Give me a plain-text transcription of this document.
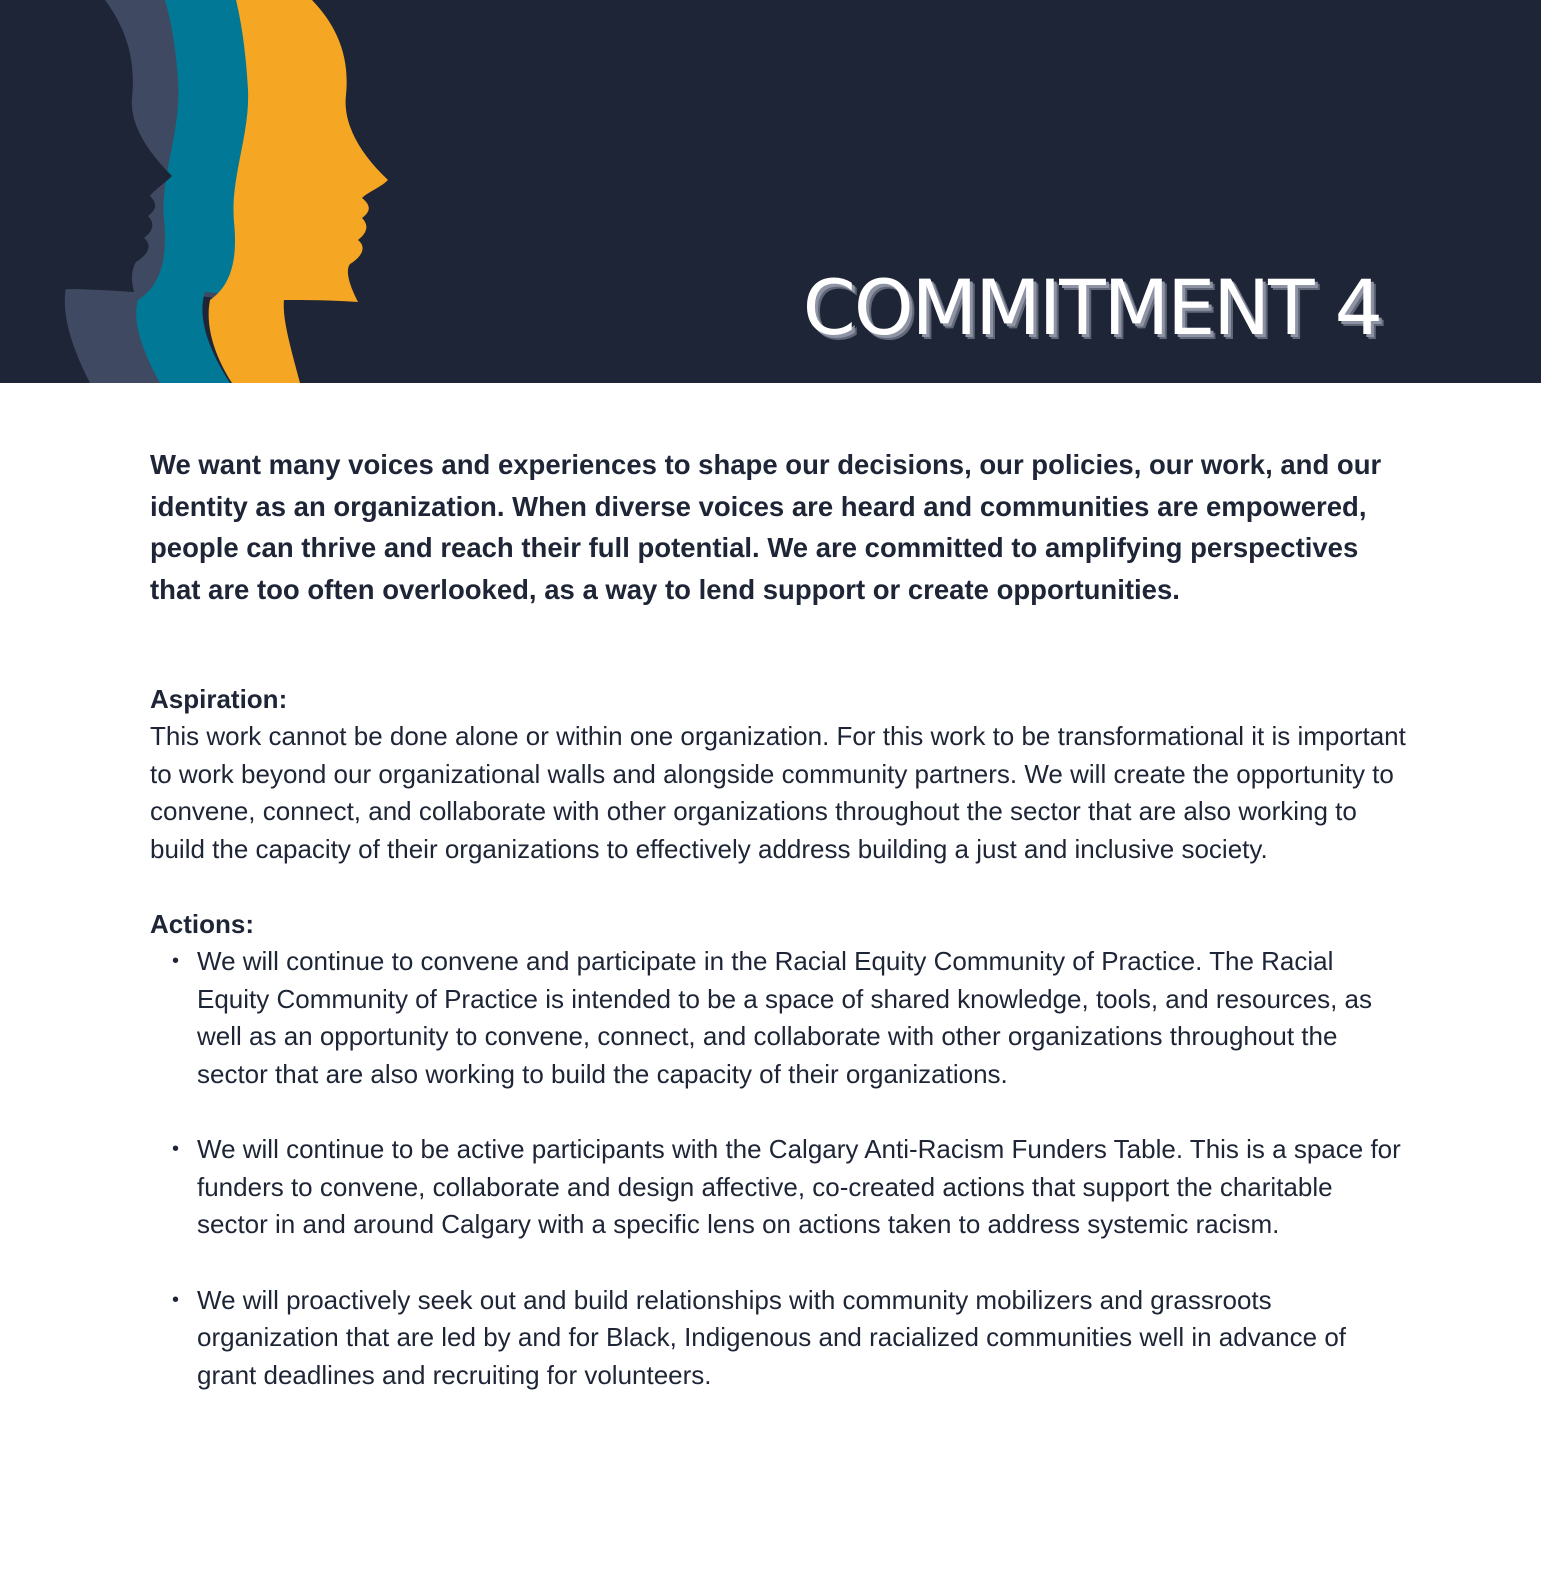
COMMITMENT 4

We want many voices and experiences to shape our decisions, our policies, our work, and our identity as an organization. When diverse voices are heard and communities are empowered, people can thrive and reach their full potential. We are committed to amplifying perspectives that are too often overlooked, as a way to lend support or create opportunities.

Aspiration:

This work cannot be done alone or within one organization. For this work to be transformational it is important to work beyond our organizational walls and alongside community partners. We will create the opportunity to convene, connect, and collaborate with other organizations throughout the sector that are also working to build the capacity of their organizations to effectively address building a just and inclusive society.

Actions:
• We will continue to convene and participate in the Racial Equity Community of Practice. The Racial Equity Community of Practice is intended to be a space of shared knowledge, tools, and resources, as well as an opportunity to convene, connect, and collaborate with other organizations throughout the sector that are also working to build the capacity of their organizations.
• We will continue to be active participants with the Calgary Anti-Racism Funders Table. This is a space for funders to convene, collaborate and design affective, co-created actions that support the charitable sector in and around Calgary with a specific lens on actions taken to address systemic racism.
• We will proactively seek out and build relationships with community mobilizers and grassroots organization that are led by and for Black, Indigenous and racialized communities well in advance of grant deadlines and recruiting for volunteers.
